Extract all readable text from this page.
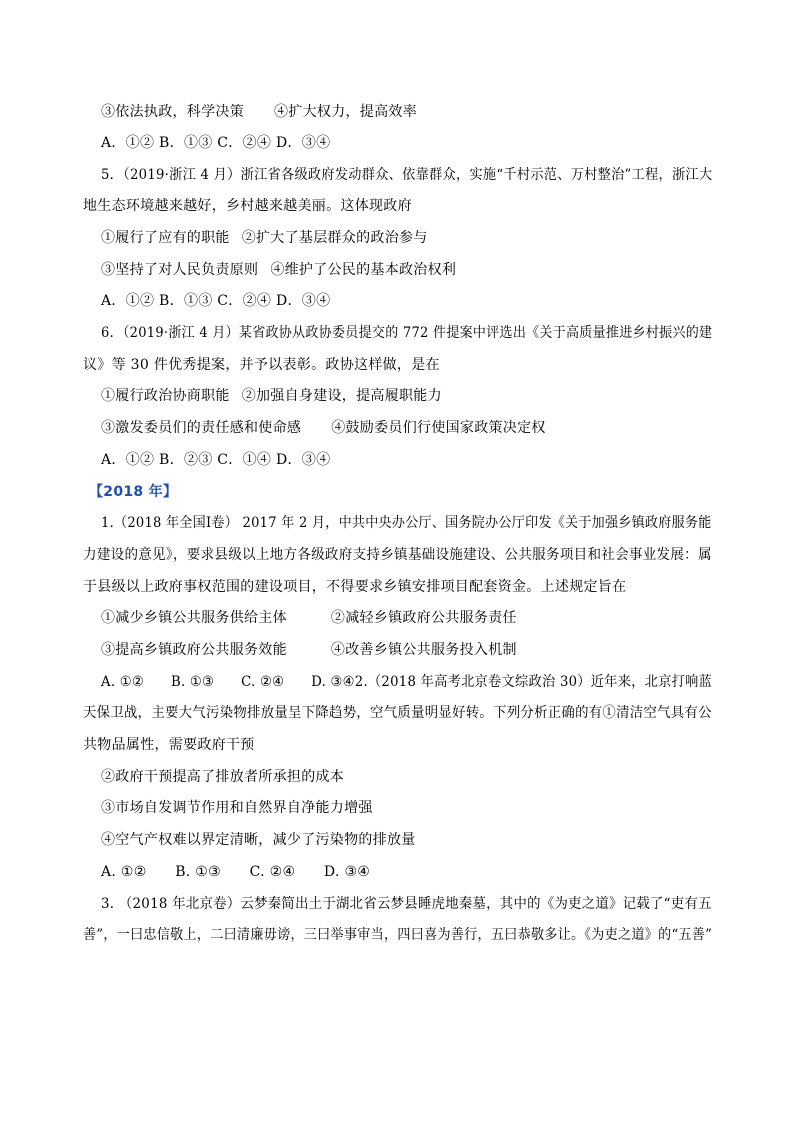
③依法执政，科学决策 ④扩大权力，提高效率
A．①② B．①③ C．②④ D．③④
5．（2019·浙江 4 月）浙江省各级政府发动群众、依靠群众，实施“千村示范、万村整治”工程，浙江大
地生态环境越来越好，乡村越来越美丽。这体现政府
①履行了应有的职能 ②扩大了基层群众的政治参与
③坚持了对人民负责原则 ④维护了公民的基本政治权利
A．①② B．①③ C．②④ D．③④
6．（2019·浙江 4 月）某省政协从政协委员提交的 772 件提案中评选出《关于高质量推进乡村振兴的建
议》等 30 件优秀提案，并予以表彰。政协这样做，是在
①履行政治协商职能 ②加强自身建设，提高履职能力
③激发委员们的责任感和使命感 ④鼓励委员们行使国家政策决定权
A．①② B．②③ C．①④ D．③④
【2018 年】
1.（2018 年全国Ⅰ卷） 2017 年 2 月，中共中央办公厅、国务院办公厅印发《关于加强乡镇政府服务能
力建设的意见》，要求县级以上地方各级政府支持乡镇基础设施建设、公共服务项目和社会事业发展：属
于县级以上政府事权范围的建设项目，不得要求乡镇安排项目配套资金。上述规定旨在
①减少乡镇公共服务供给主体	②减轻乡镇政府公共服务责任
③提高乡镇政府公共服务效能	④改善乡镇公共服务投入机制
A. ①②　　B. ①③　　C. ②④　　D. ③④2.（2018 年高考北京卷文综政治 30）近年来，北京打响蓝
天保卫战，主要大气污染物排放量呈下降趋势，空气质量明显好转。下列分析正确的有①清洁空气具有公
共物品属性，需要政府干预
②政府干预提高了排放者所承担的成本
③市场自发调节作用和自然界自净能力增强
④空气产权难以界定清晰，减少了污染物的排放量
A. ①②　　B. ①③　　C. ②④　　D. ③④
3. （2018 年北京卷）云梦秦简出土于湖北省云梦县睡虎地秦墓，其中的《为吏之道》记载了“吏有五
善”，一曰忠信敬上，二曰清廉毋谤，三曰举事审当，四曰喜为善行，五曰恭敬多让。《为吏之道》的“五善”
